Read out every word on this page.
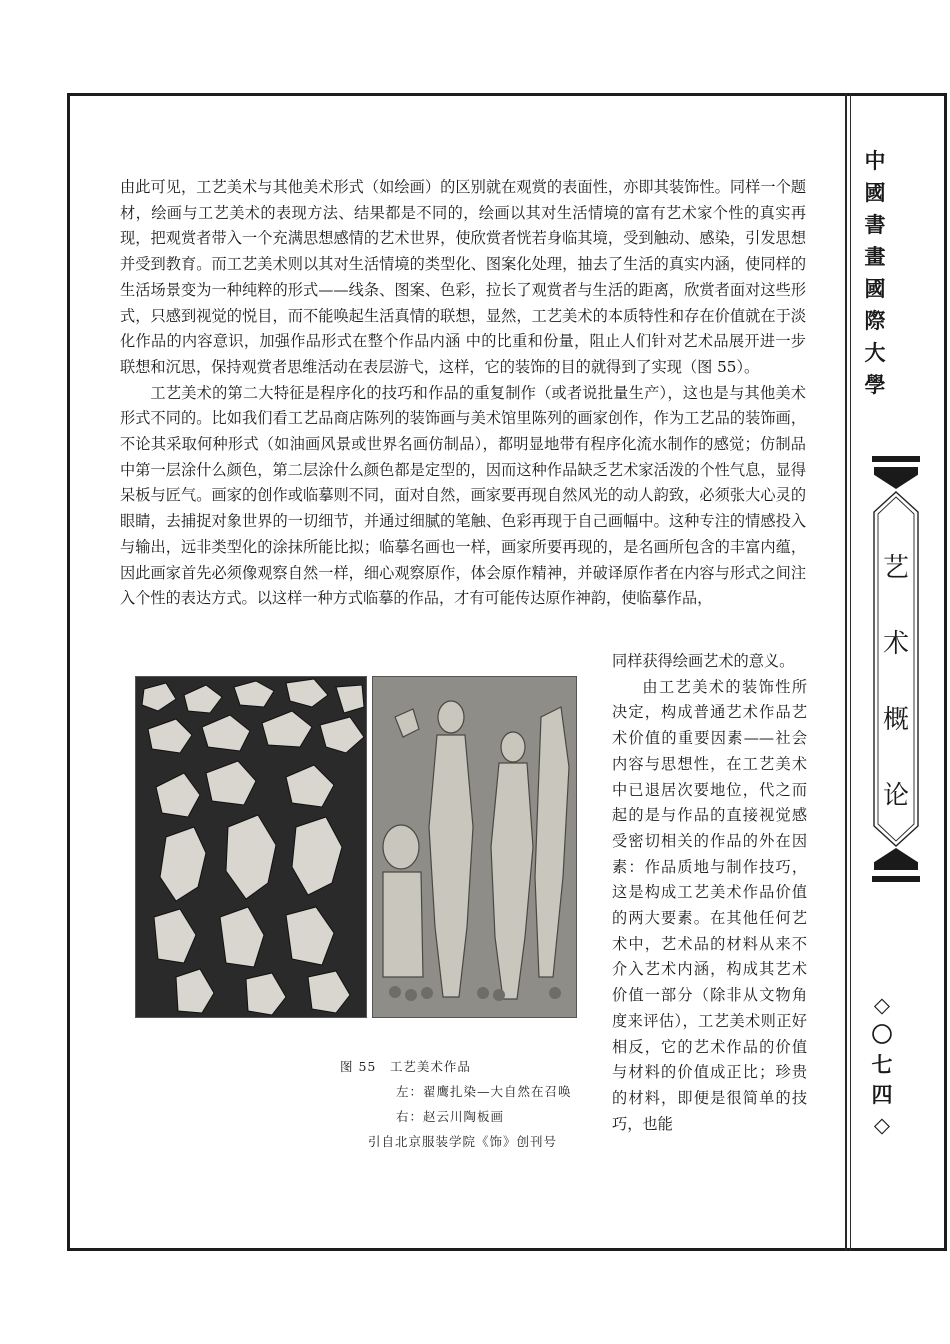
中
國
書
畫
國
際
大
學
艺
术
概
论
◇
〇
七
四
◇

由此可见，工艺美术与其他美术形式（如绘画）的区别就在观赏的表面性，亦即其装饰性。同样一个题材，绘画与工艺美术的表现方法、结果都是不同的，绘画以其对生活情境的富有艺术家个性的真实再现，把观赏者带入一个充满思想感情的艺术世界，使欣赏者恍若身临其境，受到触动、感染，引发思想并受到教育。而工艺美术则以其对生活情境的类型化、图案化处理，抽去了生活的真实内涵，使同样的生活场景变为一种纯粹的形式——线条、图案、色彩，拉长了观赏者与生活的距离，欣赏者面对这些形式，只感到视觉的悦目，而不能唤起生活真情的联想，显然，工艺美术的本质特性和存在价值就在于淡化作品的内容意识，加强作品形式在整个作品内涵 中的比重和份量，阻止人们针对艺术品展开进一步联想和沉思，保持观赏者思维活动在表层游弋，这样，它的装饰的目的就得到了实现（图 55）。

工艺美术的第二大特征是程序化的技巧和作品的重复制作（或者说批量生产），这也是与其他美术形式不同的。比如我们看工艺品商店陈列的装饰画与美术馆里陈列的画家创作，作为工艺品的装饰画，不论其采取何种形式（如油画风景或世界名画仿制品），都明显地带有程序化流水制作的感觉；仿制品中第一层涂什么颜色，第二层涂什么颜色都是定型的，因而这种作品缺乏艺术家活泼的个性气息，显得呆板与匠气。画家的创作或临摹则不同，面对自然，画家要再现自然风光的动人韵致，必须张大心灵的眼睛，去捕捉对象世界的一切细节，并通过细腻的笔触、色彩再现于自己画幅中。这种专注的情感投入与输出，远非类型化的涂抹所能比拟；临摹名画也一样，画家所要再现的，是名画所包含的丰富内蕴，因此画家首先必须像观察自然一样，细心观察原作，体会原作精神，并破译原作者在内容与形式之间注入个性的表达方式。以这样一种方式临摹的作品，才有可能传达原作神韵，使临摹作品，

同样获得绘画艺术的意义。

由工艺美术的装饰性所决定，构成普通艺术作品艺术价值的重要因素——社会内容与思想性，在工艺美术中已退居次要地位，代之而起的是与作品的直接视觉感受密切相关的作品的外在因素：作品质地与制作技巧，这是构成工艺美术作品价值的两大要素。在其他任何艺术中，艺术品的材料从来不介入艺术内涵，构成其艺术价值一部分（除非从文物角度来评估），工艺美术则正好相反，它的艺术作品的价值与材料的价值成正比；珍贵的材料，即便是很简单的技巧，也能

图 55　工艺美术作品
左：翟鹰扎染—大自然在召唤
右：赵云川陶板画
引自北京服装学院《饰》创刊号
